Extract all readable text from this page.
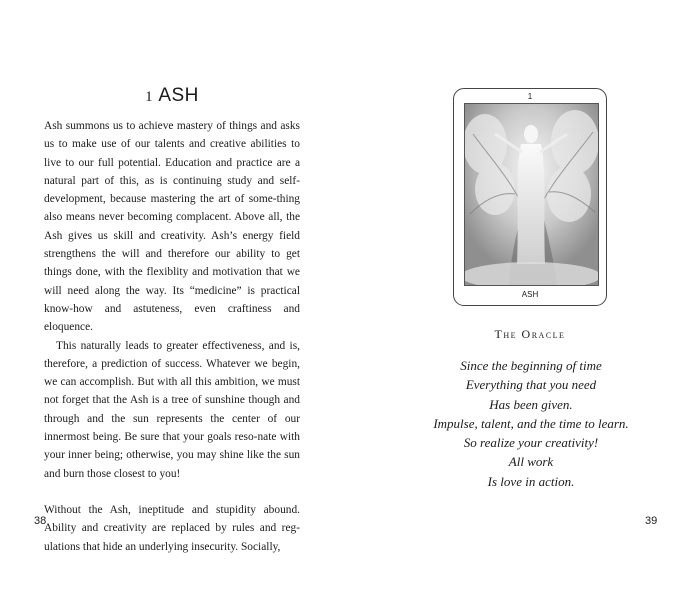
1 ASH

Ash summons us to achieve mastery of things and asks us to make use of our talents and creative abilities to live to our full potential. Education and practice are a natural part of this, as is continuing study and self-development, because mastering the art of some-thing also means never becoming complacent. Above all, the Ash gives us skill and creativity. Ash’s energy field strengthens the will and therefore our ability to get things done, with the flexiblity and motivation that we will need along the way. Its “medicine” is practical know-how and astuteness, even craftiness and eloquence.

This naturally leads to greater effectiveness, and is, therefore, a prediction of success. Whatever we begin, we can accomplish. But with all this ambition, we must not forget that the Ash is a tree of sunshine though and through and the sun represents the center of our innermost being. Be sure that your goals reso-nate with your inner being; otherwise, you may shine like the sun and burn those closest to you!

Without the Ash, ineptitude and stupidity abound. Ability and creativity are replaced by rules and reg-ulations that hide an underlying insecurity. Socially,

38
1
ASH
The Oracle
Since the beginning of time
Everything that you need
Has been given.
Impulse, talent, and the time to learn.
So realize your creativity!
All work
Is love in action.
39
